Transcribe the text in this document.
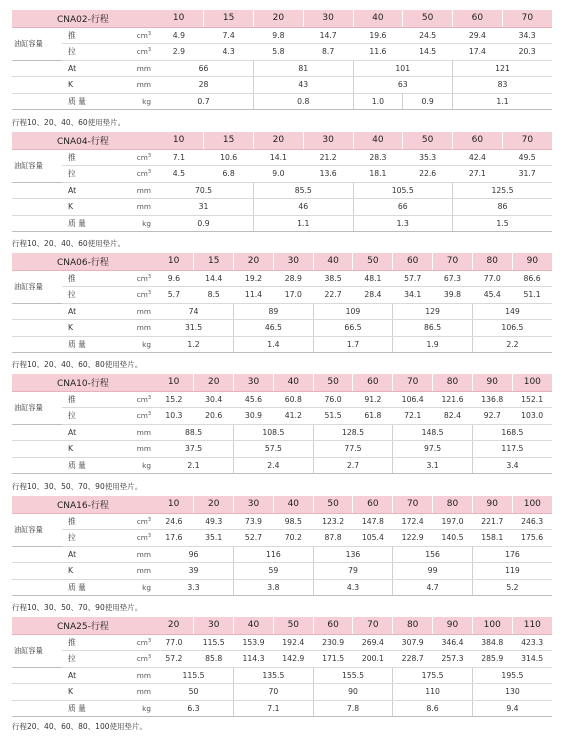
CNA02-行程			10	15	20	30	40	50	60	70
油缸容量	推	$cm^3$	4.9	7.4	9.8	14.7	19.6	24.5	29.4	34.3
	拉	$cm^3$	2.9	4.3	5.8	8.7	11.6	14.5	17.4	20.3
	At	mm	66		81		101		121	
	K	mm	28		43		63		83	
	质 量	kg	0.7		0.8		1.0	0.9	1.1	
行程10、20、40、60使用垫片。
CNA04-行程			10	15	20	30	40	50	60	70
油缸容量	推	$cm^3$	7.1	10.6	14.1	21.2	28.3	35.3	42.4	49.5
	拉	$cm^3$	4.5	6.8	9.0	13.6	18.1	22.6	27.1	31.7
	At	mm	70.5		85.5		105.5		125.5	
	K	mm	31		46		66		86	
	质 量	kg	0.9		1.1		1.3		1.5	
行程10、20、40、60使用垫片。
CNA06-行程			10	15	20	30	40	50	60	70	80	90
油缸容量	推	$cm^3$	9.6	14.4	19.2	28.9	38.5	48.1	57.7	67.3	77.0	86.6
	拉	$cm^3$	5.7	8.5	11.4	17.0	22.7	28.4	34.1	39.8	45.4	51.1
	At	mm	74		89		109		129		149	
	K	mm	31.5		46.5		66.5		86.5		106.5	
	质 量	kg	1.2		1.4		1.7		1.9		2.2	
行程10、20、40、60、80使用垫片。
CNA10-行程			10	20	30	40	50	60	70	80	90	100
油缸容量	推	$cm^3$	15.2	30.4	45.6	60.8	76.0	91.2	106.4	121.6	136.8	152.1
	拉	$cm^3$	10.3	20.6	30.9	41.2	51.5	61.8	72.1	82.4	92.7	103.0
	At	mm	88.5		108.5		128.5		148.5		168.5	
	K	mm	37.5		57.5		77.5		97.5		117.5	
	质 量	kg	2.1		2.4		2.7		3.1		3.4	
行程10、30、50、70、90使用垫片。
CNA16-行程			10	20	30	40	50	60	70	80	90	100
油缸容量	推	$cm^3$	24.6	49.3	73.9	98.5	123.2	147.8	172.4	197.0	221.7	246.3
	拉	$cm^3$	17.6	35.1	52.7	70.2	87.8	105.4	122.9	140.5	158.1	175.6
	At	mm	96		116		136		156		176	
	K	mm	39		59		79		99		119	
	质 量	kg	3.3		3.8		4.3		4.7		5.2	
行程10、30、50、70、90使用垫片。
CNA25-行程			20	30	40	50	60	70	80	90	100	110
油缸容量	推	$cm^3$	77.0	115.5	153.9	192.4	230.9	269.4	307.9	346.4	384.8	423.3
	拉	$cm^3$	57.2	85.8	114.3	142.9	171.5	200.1	228.7	257.3	285.9	314.5
	At	mm	115.5		135.5		155.5		175.5		195.5	
	K	mm	50		70		90		110		130	
	质 量	kg	6.3		7.1		7.8		8.6		9.4	
行程20、40、60、80、100使用垫片。
